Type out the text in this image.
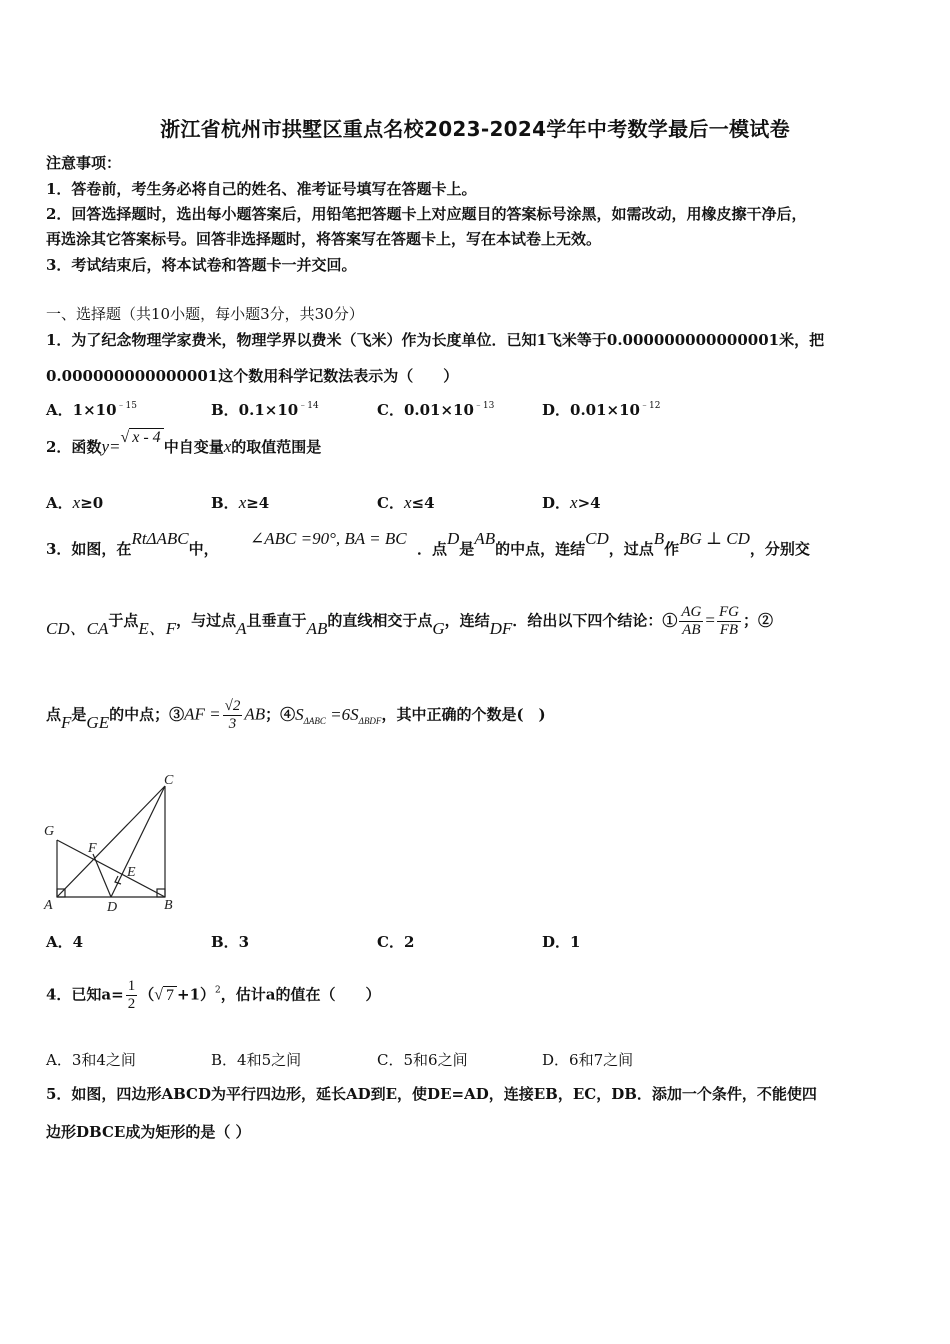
浙江省杭州市拱墅区重点名校2023-2024学年中考数学最后一模试卷
注意事项：
1．答卷前，考生务必将自己的姓名、准考证号填写在答题卡上。
2．回答选择题时，选出每小题答案后，用铅笔把答题卡上对应题目的答案标号涂黑，如需改动，用橡皮擦干净后，
再选涂其它答案标号。回答非选择题时，将答案写在答题卡上，写在本试卷上无效。
3．考试结束后，将本试卷和答题卡一并交回。
一、选择题（共10小题，每小题3分，共30分）
1．为了纪念物理学家费米，物理学界以费米（飞米）作为长度单位．已知1飞米等于0.000000000000001米，把
0.000000000000001这个数用科学记数法表示为（　　）
A．$1\times 10^{﹣15}$	B．$0.1\times 10^{﹣14}$	C．$0.01\times 10^{﹣13}$	D．$0.01\times 10^{﹣12}$
2．函数y=√ x - 4中自变量x的取值范围是
A．x≥0	B．x≥4	C．x≤4	D．x>4
3．如图，在RtΔABC中，      ∠ABC =90°, BA = BC  ．点D是AB的中点，连结CD，过点B作BG ⊥ CD，分别交
CD、CA于点E、F，与过点A且垂直于AB的直线相交于点G，连结DF．给出以下四个结论：① $\frac{AG}{AB} = \frac{FG}{FB}$ ；②
点F是GE的中点；③AF = $\frac{√2}{3}$ AB；$④S_{\Delta ABC} =6S_{\Delta BDF}$，其中正确的个数是(　)
C
G
F
E
A	D	B
A．4	B．3	C．2	D．1
4．已知$a= \frac{1}{2}$ （√ 7 +1）$^2$，估计a的值在（　　）
A．3和4之间	B．4和5之间	C．5和6之间	D．6和7之间
5．如图，四边形ABCD为平行四边形，延长AD到E，使DE=AD，连接EB，EC，DB．添加一个条件，不能使四
边形DBCE成为矩形的是（ ）
